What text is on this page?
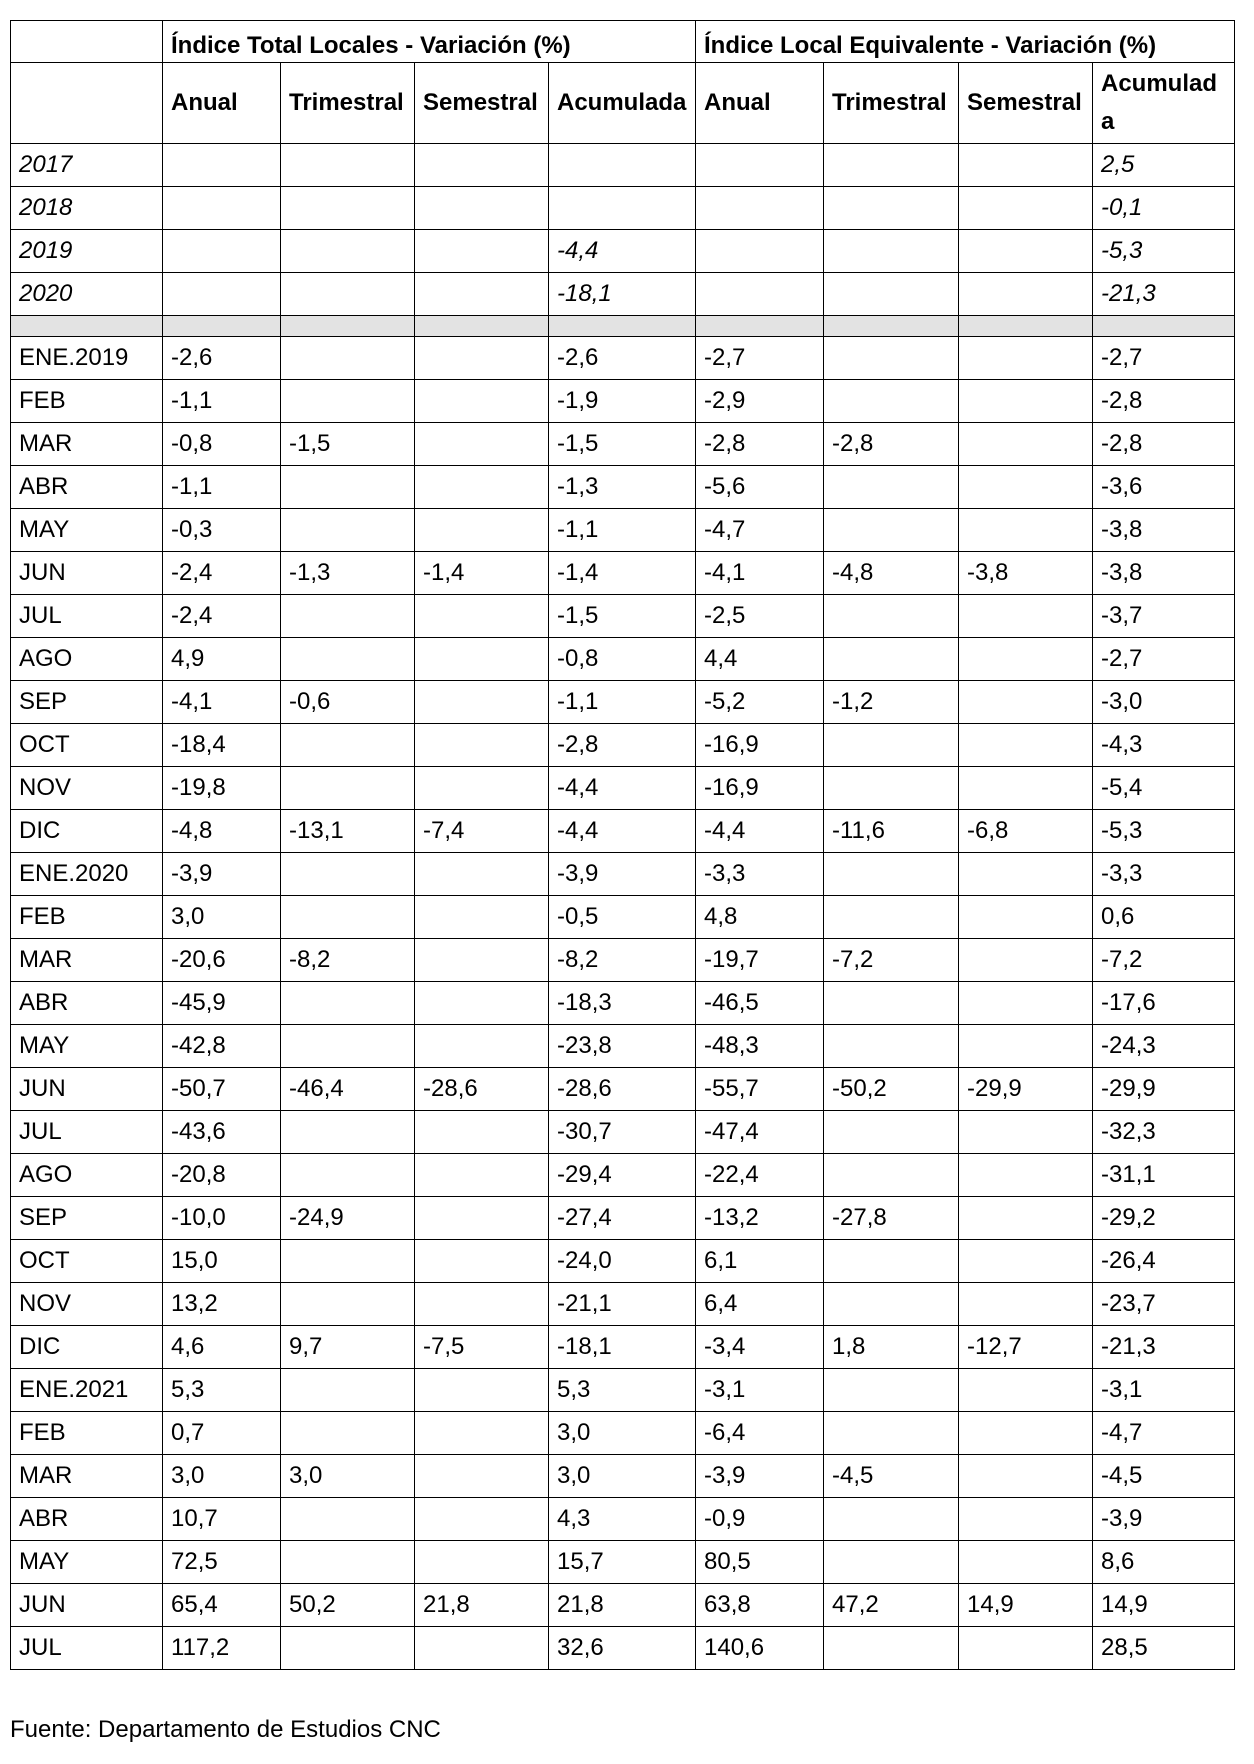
	Índice Total Locales - Variación (%)				Índice Local Equivalente - Variación (%)			
	Anual	Trimestral	Semestral	Acumulada	Anual	Trimestral	Semestral	Acumulada
2017								2,5
2018								-0,1
2019				-4,4				-5,3
2020				-18,1				-21,3

ENE.2019	-2,6			-2,6	-2,7			-2,7
FEB	-1,1			-1,9	-2,9			-2,8
MAR	-0,8	-1,5		-1,5	-2,8	-2,8		-2,8
ABR	-1,1			-1,3	-5,6			-3,6
MAY	-0,3			-1,1	-4,7			-3,8
JUN	-2,4	-1,3	-1,4	-1,4	-4,1	-4,8	-3,8	-3,8
JUL	-2,4			-1,5	-2,5			-3,7
AGO	4,9			-0,8	4,4			-2,7
SEP	-4,1	-0,6		-1,1	-5,2	-1,2		-3,0
OCT	-18,4			-2,8	-16,9			-4,3
NOV	-19,8			-4,4	-16,9			-5,4
DIC	-4,8	-13,1	-7,4	-4,4	-4,4	-11,6	-6,8	-5,3
ENE.2020	-3,9			-3,9	-3,3			-3,3
FEB	3,0			-0,5	4,8			0,6
MAR	-20,6	-8,2		-8,2	-19,7	-7,2		-7,2
ABR	-45,9			-18,3	-46,5			-17,6
MAY	-42,8			-23,8	-48,3			-24,3
JUN	-50,7	-46,4	-28,6	-28,6	-55,7	-50,2	-29,9	-29,9
JUL	-43,6			-30,7	-47,4			-32,3
AGO	-20,8			-29,4	-22,4			-31,1
SEP	-10,0	-24,9		-27,4	-13,2	-27,8		-29,2
OCT	15,0			-24,0	6,1			-26,4
NOV	13,2			-21,1	6,4			-23,7
DIC	4,6	9,7	-7,5	-18,1	-3,4	1,8	-12,7	-21,3
ENE.2021	5,3			5,3	-3,1			-3,1
FEB	0,7			3,0	-6,4			-4,7
MAR	3,0	3,0		3,0	-3,9	-4,5		-4,5
ABR	10,7			4,3	-0,9			-3,9
MAY	72,5			15,7	80,5			8,6
JUN	65,4	50,2	21,8	21,8	63,8	47,2	14,9	14,9
JUL	117,2			32,6	140,6			28,5
Fuente: Departamento de Estudios CNC
